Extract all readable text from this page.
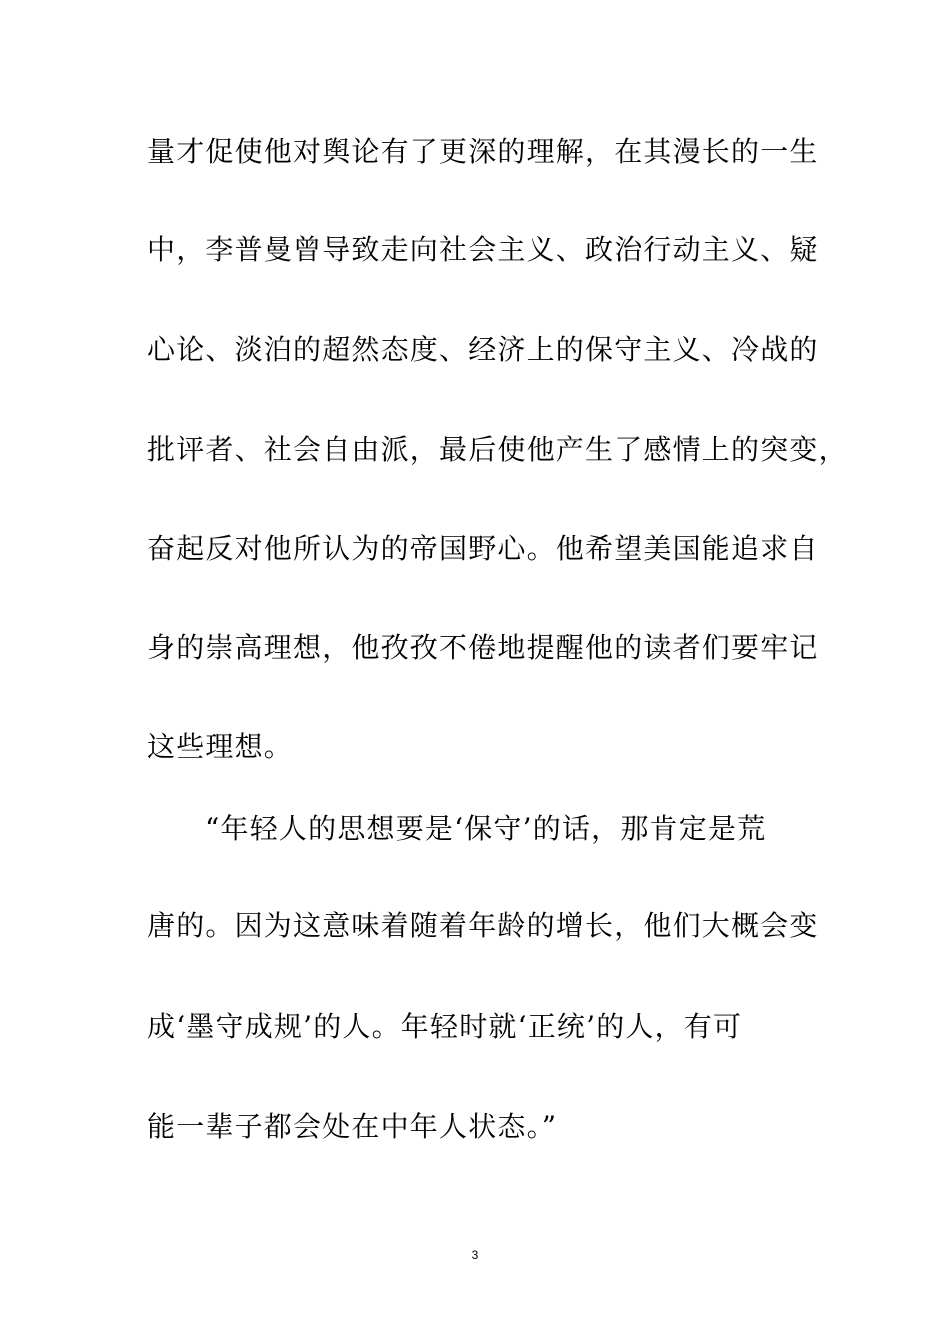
量才促使他对舆论有了更深的理解，在其漫长的一生
中，李普曼曾导致走向社会主义、政治行动主义、疑
心论、淡泊的超然态度、经济上的保守主义、冷战的
批评者、社会自由派，最后使他产生了感情上的突变，
奋起反对他所认为的帝国野心。他希望美国能追求自
身的崇高理想，他孜孜不倦地提醒他的读者们要牢记
这些理想。
“年轻人的思想要是‘保守’的话，那肯定是荒
唐的。因为这意味着随着年龄的增长，他们大概会变
成‘墨守成规’的人。年轻时就‘正统’的人，有可
能一辈子都会处在中年人状态。”
3
